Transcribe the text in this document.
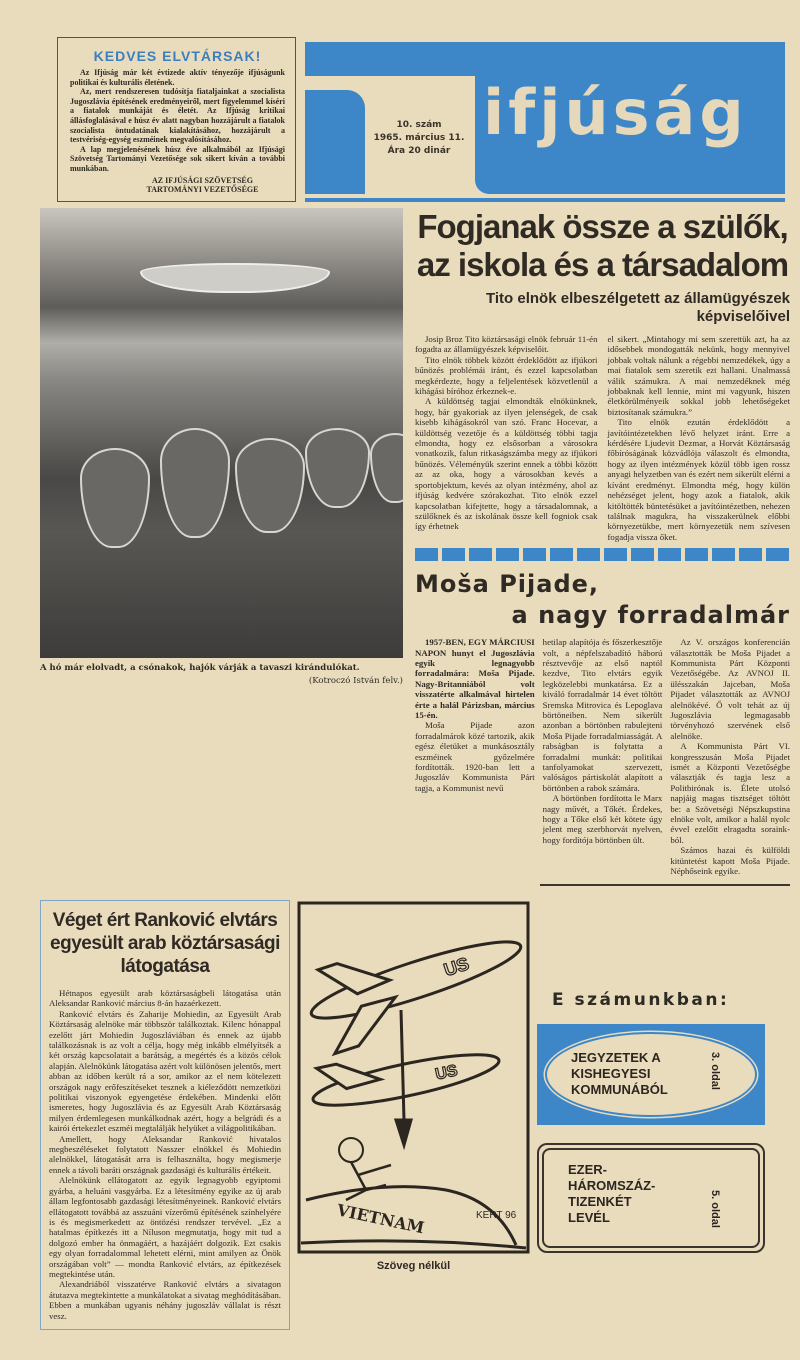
KEDVES ELVTÁRSAK!

Az Ifjúság már két évtizede aktív tényezője ifjúságunk politikai és kulturális életének.

Az, mert rendszeresen tudósítja fiataljainkat a szocialista Jugoszlávia építésének eredményeiről, mert figyelemmel kíséri a fiatalok munkáját és életét. Az Ifjúság kritikai állásfoglalásával e húsz év alatt nagyban hozzájárult a fiatalok szocialista öntudatának kialakításához, hozzájárult a testvériség-egység eszméinek megvalósításához.

A lap megjelenésének húsz éve alkalmából az Ifjúsági Szövetség Tartományi Vezetősége sok sikert kíván a további munkában.

AZ IFJÚSÁGI SZÖVETSÉG
TARTOMÁNYI VEZETŐSÉGE
ifjúság
10. szám
1965. március 11.
Ára 20 dinár
A hó már elolvadt, a csónakok, hajók várják a tavaszi kirándulókat.
(Kotroczó István felv.)
Fogjanak össze a szülők,
az iskola és a társadalom
Tito elnök elbeszélgetett az államügyészek képviselőivel

Josip Broz Tito köztársasági elnök február 11-én fogadta az államügyészek képviselőit.

Tito elnök többek között érdeklődött az ifjúkori bűnözés problémái iránt, és ezzel kapcsolatban megkérdezte, hogy a feljelentések közvetlenül a kihágási bíróhoz érkeznek-e.

A küldöttség tagjai elmondták elnökünknek, hogy, bár gyakoriak az ilyen jelenségek, de csak kisebb kihágásokról van szó. Franc Hocevar, a küldöttség vezetője és a küldöttség többi tagja elmondta, hogy ez elsősorban a városokra vonatkozik, falun ritkaságszámba megy az ifjúkori bűnözés. Véleményük szerint ennek a többi között az az oka, hogy a városokban kevés a sportobjektum, kevés az olyan intézmény, ahol az ifjúság kedvére szórakozhat. Tito elnök ezzel kapcsolatban kifejtette, hogy a társadalomnak, a szülőknek és az iskolának össze kell fogniok csak így érhetnek

el sikert. „Mintahogy mi sem szerettük azt, ha az idősebbek mondogatták nekünk, hogy mennyivel jobbak voltak nálunk a régebbi nemzedékek, úgy a mai fiatalok sem szeretik ezt hallani. Unalmassá válik számukra. A mai nemzedéknek még jobbaknak kell lennie, mint mi vagyunk, hiszen életkörülményeik sokkal jobb lehetőségeket biztosítanak számukra.”

Tito elnök ezután érdeklődött a javítóintézetekben lévő helyzet iránt. Erre a kérdésére Ljudevit Dezmar, a Horvát Köztársaság főbíróságának közvádlója válaszolt és elmondta, hogy az ilyen intézmények közül több igen rossz anyagi helyzetben van és ezért nem sikerült elérni a kívánt eredményt. Elmondta még, hogy külön nehézséget jelent, hogy azok a fiatalok, akik kitöltötték büntetésüket a javítóintézetben, nehezen találnak magukra, ha visszakerülnek előbbi környezetükbe, mert környezetük nem szívesen fogadja vissza őket.

Moša Pijade,
a nagy forradalmár

1957-BEN, EGY MÁRCIUSI NAPON hunyt el Jugoszlávia egyik legnagyobb forradalmára: Moša Pijade. Nagy-Britanniából volt visszatérte alkalmával hirtelen érte a halál Párizsban, március 15-én.

Moša Pijade azon forradalmárok közé tartozik, akik egész életüket a munkásosztály eszméinek győzelmére fordították. 1920-ban lett a Jugoszláv Kommunista Párt tagja, a Kommunist nevű

hetilap alapítója és főszerkesztője volt, a népfelszabadító háború résztvevője az első naptól kezdve, Tito elvtárs egyik legközelebbi munkatársa. Ez a kiváló forradalmár 14 évet töltött Sremska Mitrovica és Lepoglava börtöneiben. Nem sikerült azonban a börtönben rabulejteni Moša Pijade forradalmiasságát. A rabságban is folytatta a forradalmi munkát: politikai tanfolyamokat szervezett, valóságos pártiskolát alapított a börtönben a rabok számára.

A börtönben fordította le Marx nagy művét, a Tőkét. Érdekes, hogy a Tőke első két kötete úgy jelent meg szerbhorvát nyelven, hogy fordítója börtönben ült.

Az V. országos konferencián választották be Moša Pijadet a Kommunista Párt Központi Vezetőségébe. Az AVNOJ II. ülésszakán Jajceban, Moša Pijadet választották az AVNOJ alelnökévé. Ő volt tehát az új Jugoszlávia legmagasabb törvényhozó szervének első alelnöke.

A Kommunista Párt VI. kongresszusán Moša Pijadet ismét a Központi Vezetőségbe választják és tagja lesz a Politbirónak is. Élete utolsó napjáig magas tisztséget töltött be: a Szövetségi Népszkupstina elnöke volt, amikor a halál nyolc évvel ezelőtt elragadta sorainkból.

Számos hazai és külföldi kitüntetést kapott Moša Pijade. Néphőseink egyike.

Véget ért Ranković elvtárs egyesült arab köztársasági látogatása

Hétnapos egyesült arab köztársaságbeli látogatása után Aleksandar Ranković március 8-án hazaérkezett.

Ranković elvtárs és Zaharije Mohiedin, az Egyesült Arab Köztársaság alelnöke már többször találkoztak. Kilenc hónappal ezelőtt járt Mohiedin Jugoszláviában és ennek az újabb találkozásnak is az volt a célja, hogy még inkább elmélyítsék a két ország kapcsolatait a barátság, a megértés és a közös célok alapján. Alelnökünk látogatása azért volt különösen jelentős, mert abban az időben került rá a sor, amikor az el nem kötelezett országok nagy erőfeszítéseket tesznek a kiéleződött nemzetközi politikai viszonyok egyengetése érdekében. Mindenki előtt ismeretes, hogy Jugoszlávia és az Egyesült Arab Köztársaság milyen érdemlegesen munkálkodnak azért, hogy a belgrádi és a kairói értekezlet eszméi megtalálják helyüket a világpolitikában.

Amellett, hogy Aleksandar Ranković hivatalos megbeszéléseket folytatott Nasszer elnökkel és Mohiedin alelnökkel, látogatását arra is felhasználta, hogy megismerje ennek a távoli baráti országnak gazdasági és kulturális értékeit.

Alelnökünk ellátogatott az egyik legnagyobb egyiptomi gyárba, a heluáni vasgyárba. Ez a létesítmény egyike az új arab állam legfontosabb gazdasági létesítményeinek. Ranković elvtárs ellátogatott továbbá az asszuáni vízerőmű építésének színhelyére is és megismerkedett az öntözési rendszer tervével. „Ez a hatalmas építkezés itt a Níluson megmutatja, hogy mit tud a dolgozó ember ha önmagáért, a hazájáért dolgozik. Ezt csakis egy olyan forradalommal lehetett elérni, mint amilyen az Önök országában volt” — mondta Ranković elvtárs, az építkezések megtekintése után.

Alexandriából visszatérve Ranković elvtárs a sivatagon átutazva megtekintette a munkálatokat a sivatag meghódításában. Ebben a munkában ugyanis néhány jugoszláv vállalat is részt vesz.

US
US
VIETNAM	KERT 96
Szöveg nélkül
E számunkban:
JEGYZETEK A
KISHEGYESI
KOMMUNÁBÓL	3. oldal
EZER-
HÁROMSZÁZ-
TIZENKÉT
LEVÉL	5. oldal
